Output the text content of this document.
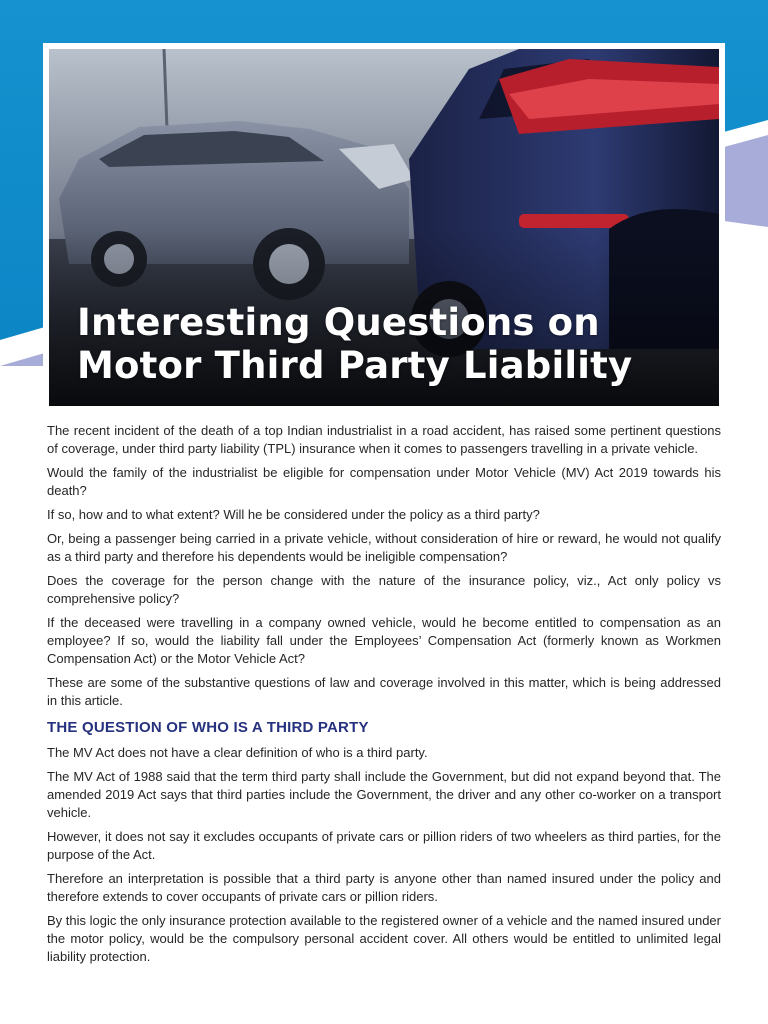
Interesting Questions on
Motor Third Party Liability

The recent incident of the death of a top Indian industrialist in a road accident, has raised some pertinent questions of coverage, under third party liability (TPL) insurance when it comes to passengers travelling in a private vehicle.

Would the family of the industrialist be eligible for compensation under Motor Vehicle (MV) Act 2019 towards his death?

If so, how and to what extent? Will he be considered under the policy as a third party?

Or, being a passenger being carried in a private vehicle, without consideration of hire or reward, he would not qualify as a third party and therefore his dependents would be ineligible compensation?

Does the coverage for the person change with the nature of the insurance policy, viz., Act only policy vs comprehensive policy?

If the deceased were travelling in a company owned vehicle, would he become entitled to compensation as an employee? If so, would the liability fall under the Employees’ Compensation Act (formerly known as Workmen Compensation Act) or the Motor Vehicle Act?

These are some of the substantive questions of law and coverage involved in this matter, which is being addressed in this article.

THE QUESTION OF WHO IS A THIRD PARTY

The MV Act does not have a clear definition of who is a third party.

The MV Act of 1988 said that the term third party shall include the Government, but did not expand beyond that. The amended 2019 Act says that third parties include the Government, the driver and any other co-worker on a transport vehicle.

However, it does not say it excludes occupants of private cars or pillion riders of two wheelers as third parties, for the purpose of the Act.

Therefore an interpretation is possible that a third party is anyone other than named insured under the policy and therefore extends to cover occupants of private cars or pillion riders.

By this logic the only insurance protection available to the registered owner of a vehicle and the named insured under the motor policy, would be the compulsory personal accident cover. All others would be entitled to unlimited legal liability protection.
